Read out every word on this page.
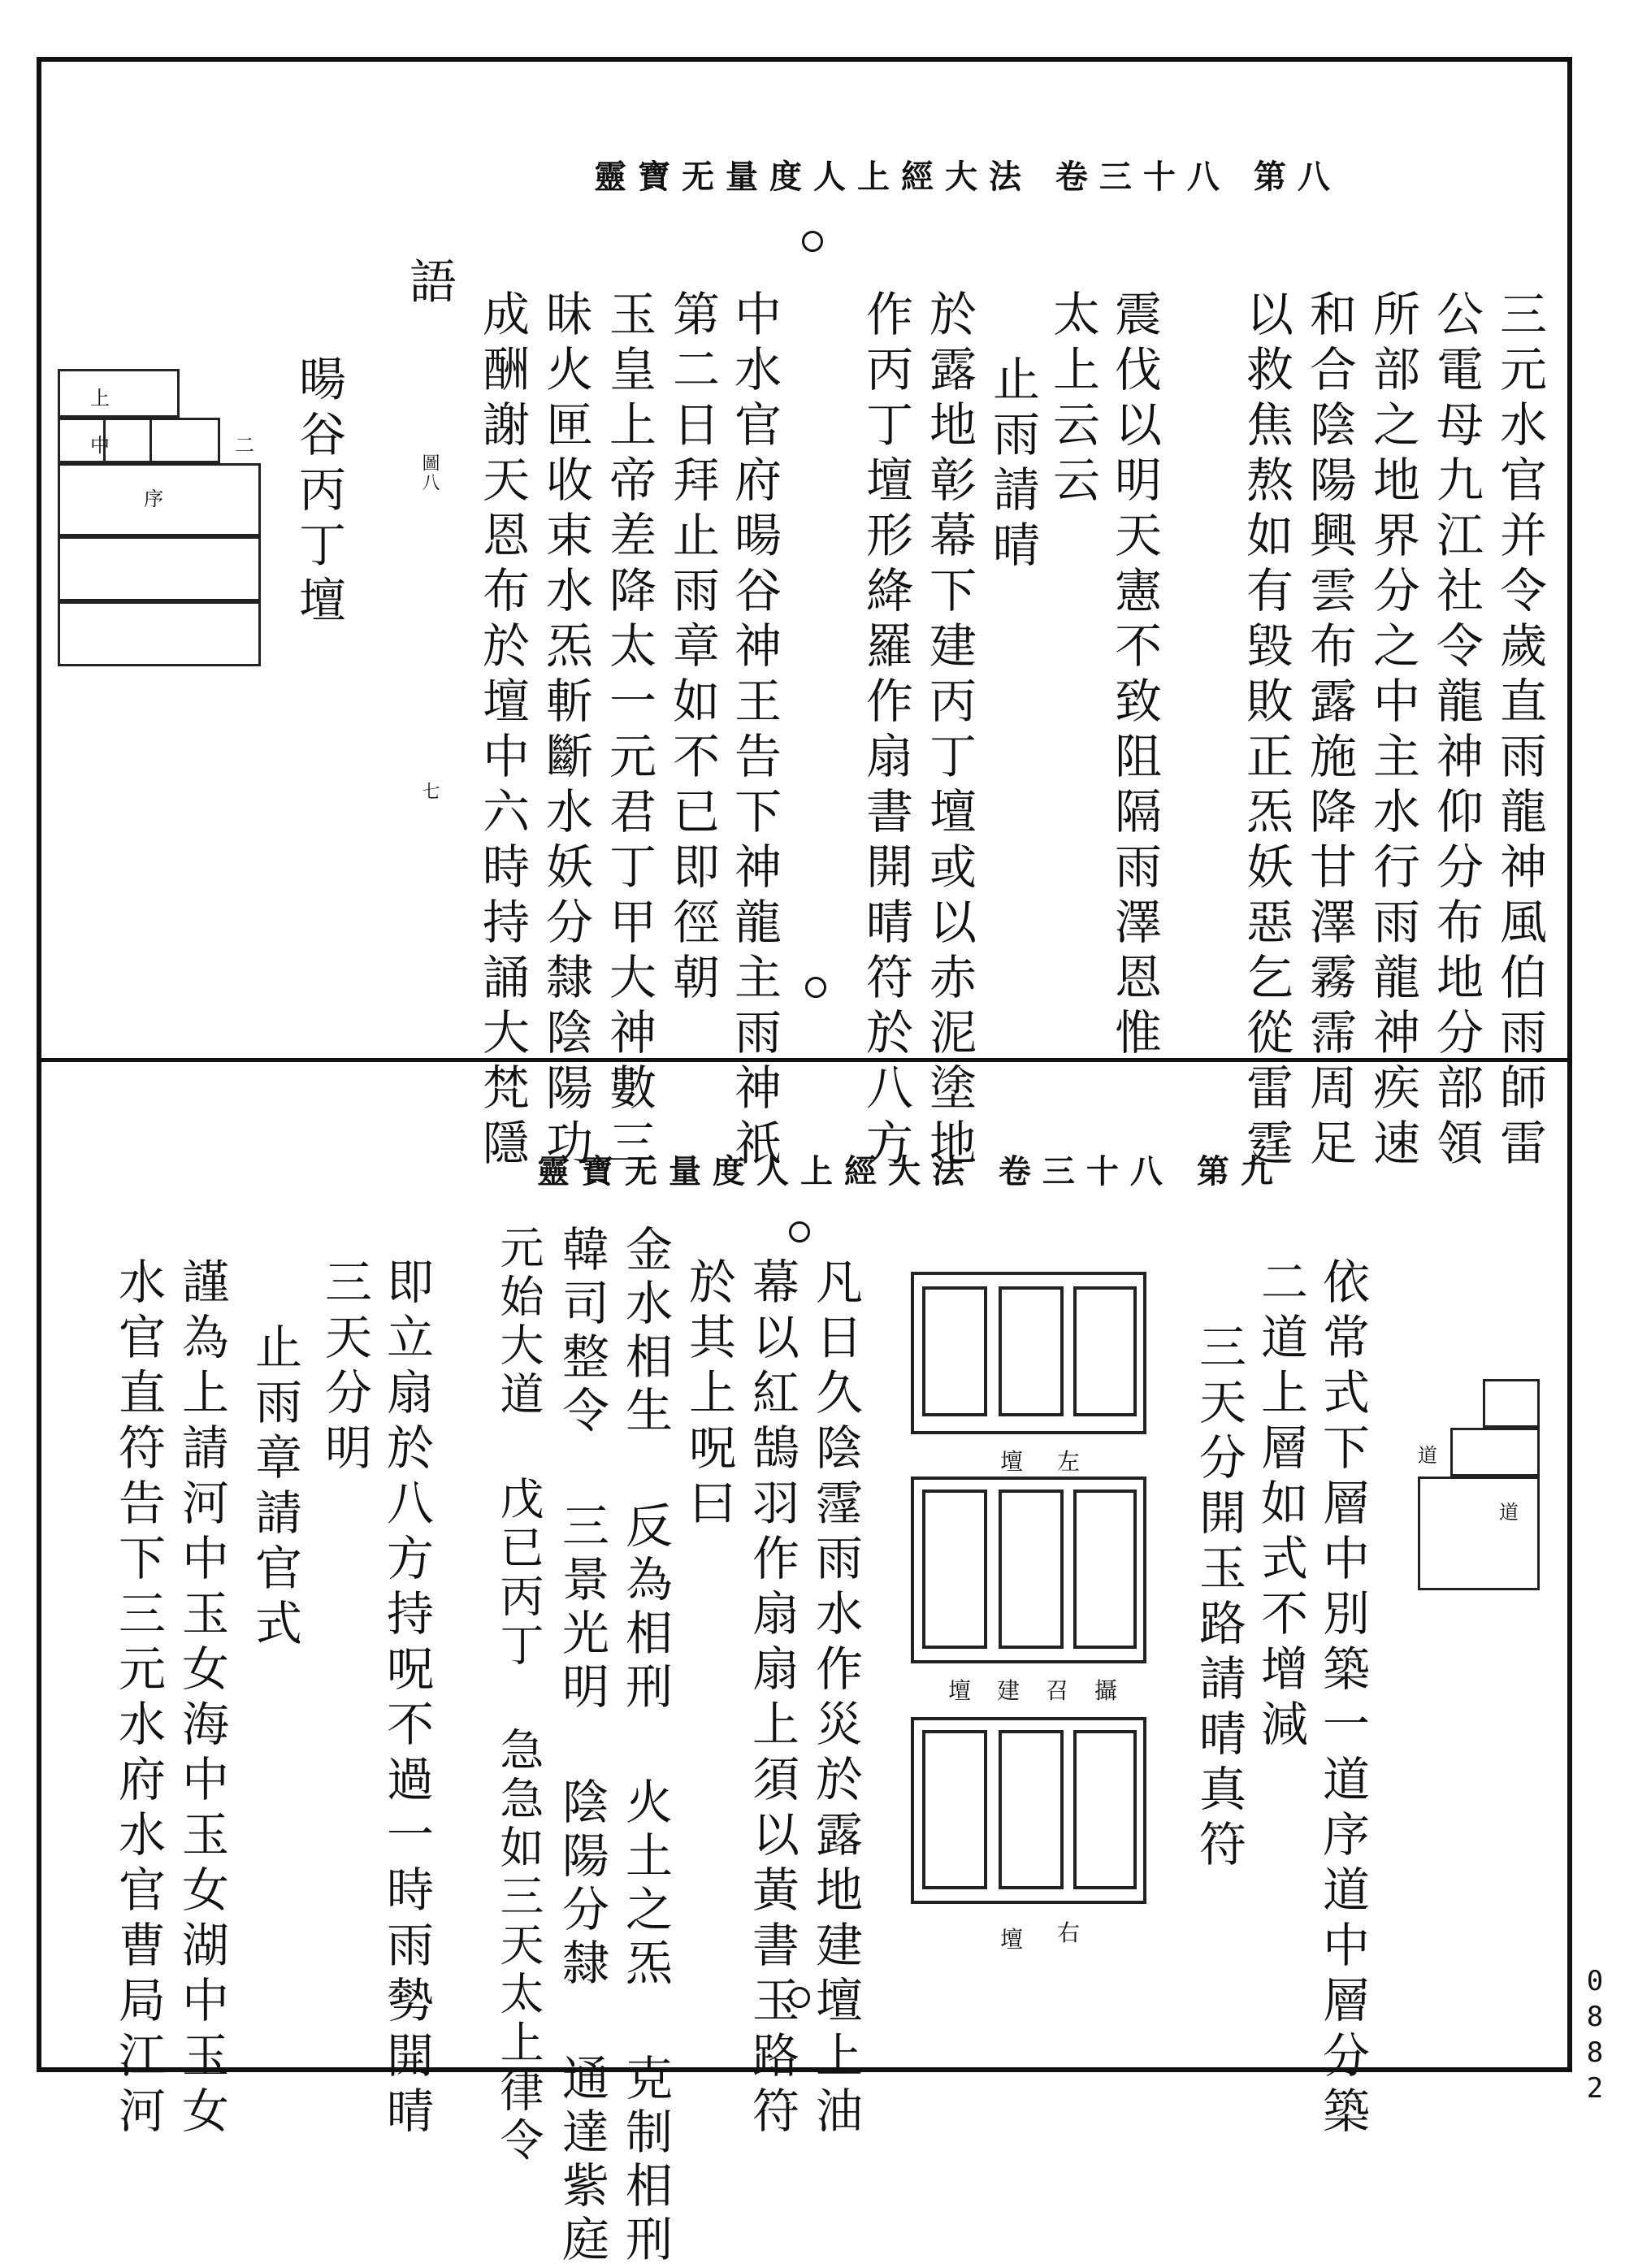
靈寶无量度人上經大法 卷三十八 第八
三元水官并令歲直雨龍神風伯雨師雷
公電母九江社令龍神仰分布地分部領
所部之地界分之中主水行雨龍神疾速
和合陰陽興雲布露施降甘澤霧霈周足
以救焦熬如有毀敗正炁妖惡乞從雷霆
震伐以明天憲不致阻隔雨澤恩惟
太上云云
止雨請晴
於露地彰幕下建丙丁壇或以赤泥塗地
作丙丁壇形絳羅作扇書開晴符於八方
中水官府暘谷神王告下神龍主雨神祇
第二日拜止雨章如不已即徑朝
玉皇上帝差降太一元君丁甲大神數三
昧火匣收束水炁斬斷水妖分隸陰陽功
成酬謝天恩布於壇中六時持誦大梵隱
語
暘谷丙丁壇	圖八
七
上
中	二
序
靈寶无量度人上經大法 卷三十八 第九
依常式下層中別築一道序道中層分築
二道上層如式不增減
三天分開玉路請晴真符
凡日久陰霪雨水作災於露地建壇上油
幕以紅鵠羽作扇扇上須以黃書玉路符
於其上呪曰
金水相生 反為相刑 火土之炁 克制相刑
韓司整令 三景光明 陰陽分隸 通達紫庭
元始大道 戊已丙丁 急急如三天太上律令
即立扇於八方持呪不過一時雨勢開晴
三天分明
止雨章請官式
謹為上請河中玉女海中玉女湖中玉女
水官直符告下三元水府水官曹局江河	左
壇
攝
召
建
壇
右
壇
道
道
0882
